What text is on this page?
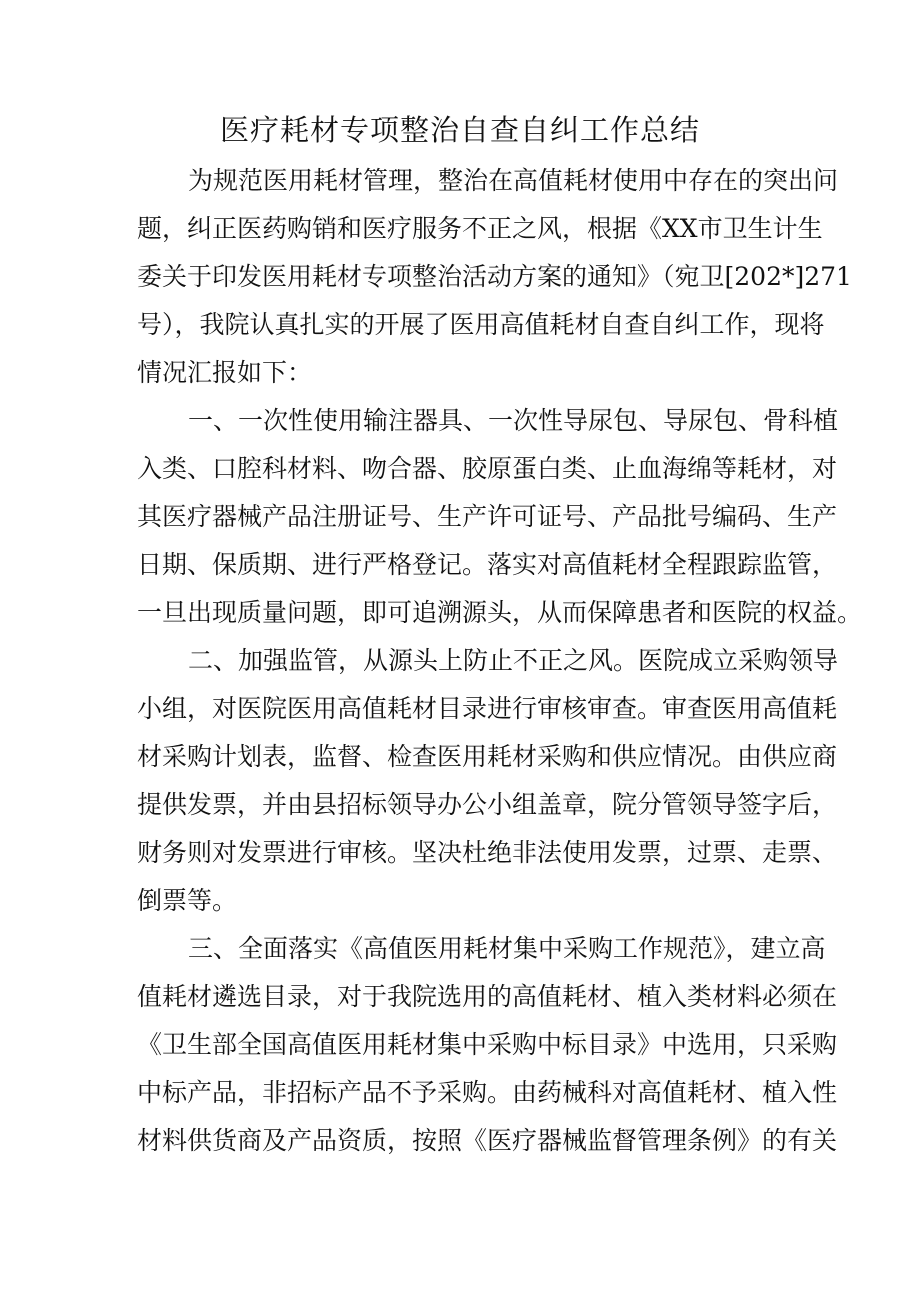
医疗耗材专项整治自查自纠工作总结
为规范医用耗材管理，整治在高值耗材使用中存在的突出问
题，纠正医药购销和医疗服务不正之风，根据《XX市卫生计生
委关于印发医用耗材专项整治活动方案的通知》（宛卫[202*]271
号），我院认真扎实的开展了医用高值耗材自查自纠工作，现将
情况汇报如下：
一、一次性使用输注器具、一次性导尿包、导尿包、骨科植
入类、口腔科材料、吻合器、胶原蛋白类、止血海绵等耗材，对
其医疗器械产品注册证号、生产许可证号、产品批号编码、生产
日期、保质期、进行严格登记。落实对高值耗材全程跟踪监管，
一旦出现质量问题，即可追溯源头，从而保障患者和医院的权益。
二、加强监管，从源头上防止不正之风。医院成立采购领导
小组，对医院医用高值耗材目录进行审核审查。审查医用高值耗
材采购计划表，监督、检查医用耗材采购和供应情况。由供应商
提供发票，并由县招标领导办公小组盖章，院分管领导签字后，
财务则对发票进行审核。坚决杜绝非法使用发票，过票、走票、
倒票等。
三、全面落实《高值医用耗材集中采购工作规范》，建立高
值耗材遴选目录，对于我院选用的高值耗材、植入类材料必须在
《卫生部全国高值医用耗材集中采购中标目录》中选用，只采购
中标产品，非招标产品不予采购。由药械科对高值耗材、植入性
材料供货商及产品资质，按照《医疗器械监督管理条例》的有关
